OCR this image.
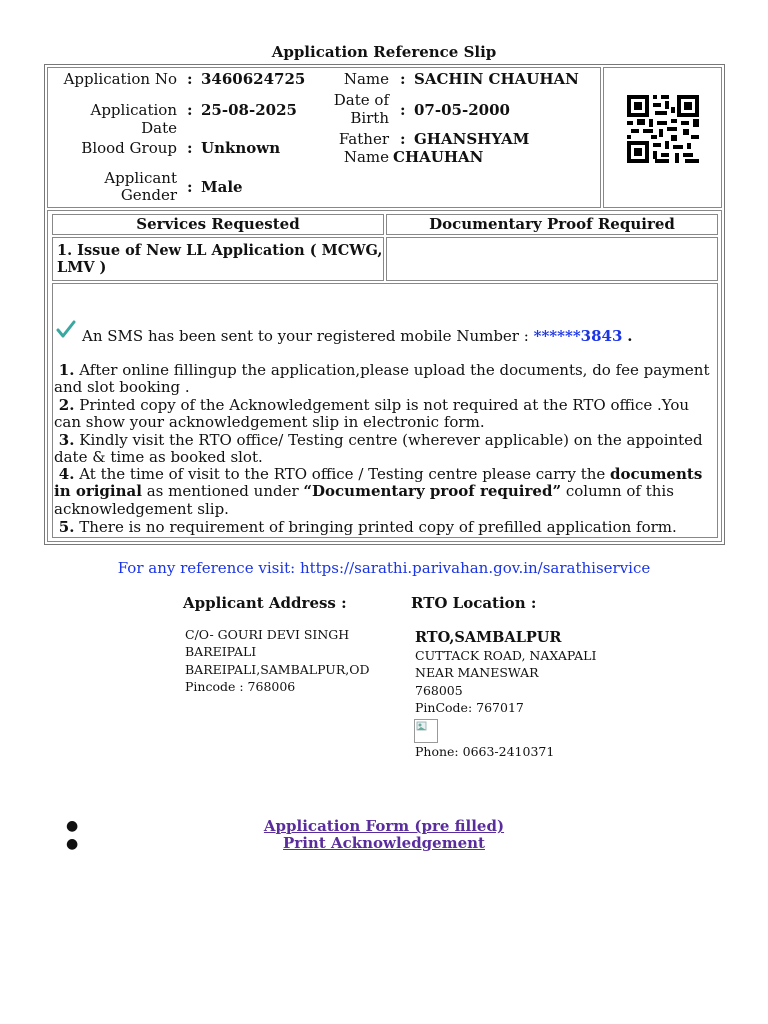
Application Reference Slip
Application No : 3460624725
Application Date
: 25-08-2025
Blood Group : Unknown
Applicant
Gender : Male
Name : SACHIN CHAUHAN
Date of
Birth : 07-05-2000
Father
Name
: GHANSHYAM
CHAUHAN
Services Requested	Documentary Proof Required
1. Issue of New LL Application ( MCWG,
LMV )
An SMS has been sent to your registered mobile Number : ******3843 .
1. After online fillingup the application,please upload the documents, do fee payment and slot booking .
2. Printed copy of the Acknowledgement silp is not required at the RTO office .You can show your acknowledgement slip in electronic form.
3. Kindly visit the RTO office/ Testing centre (wherever applicable) on the appointed date & time as booked slot.
4. At the time of visit to the RTO office / Testing centre please carry the documents in original as mentioned under “Documentary proof required” column of this acknowledgement slip.
5. There is no requirement of bringing printed copy of prefilled application form.
For any reference visit: https://sarathi.parivahan.gov.in/sarathiservice
Applicant Address :	RTO Location :
C/O- GOURI DEVI SINGH
BAREIPALI
BAREIPALI,SAMBALPUR,OD
Pincode : 768006
RTO,SAMBALPUR
CUTTACK ROAD, NAXAPALI
NEAR MANESWAR
768005
PinCode: 767017
Phone: 0663-2410371
●
●
Application Form (pre filled)
Print Acknowledgement
